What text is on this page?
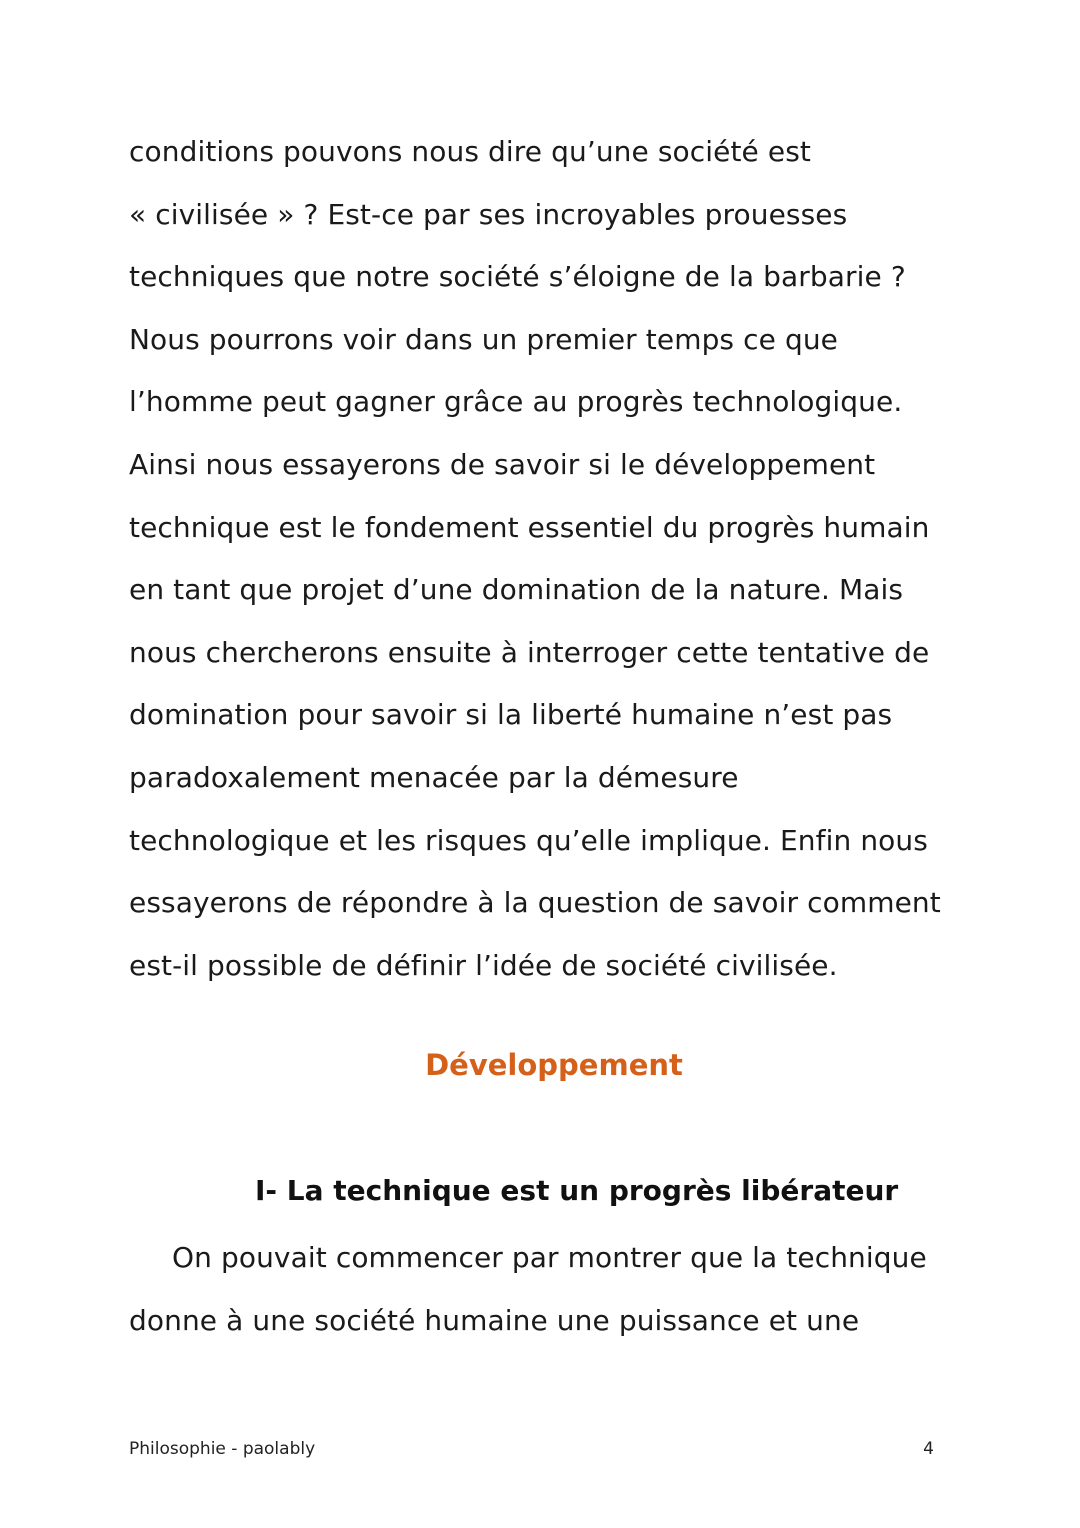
conditions pouvons nous dire qu’une société est
« civilisée » ? Est-ce par ses incroyables prouesses
techniques que notre société s’éloigne de la barbarie ?
Nous pourrons voir dans un premier temps ce que
l’homme peut gagner grâce au progrès technologique.
Ainsi nous essayerons de savoir si le développement
technique est le fondement essentiel du progrès humain
en tant que projet d’une domination de la nature. Mais
nous chercherons ensuite à interroger cette tentative de
domination pour savoir si la liberté humaine n’est pas
paradoxalement menacée par la démesure
technologique et les risques qu’elle implique. Enfin nous
essayerons de répondre à la question de savoir comment
est-il possible de définir l’idée de société civilisée.
Développement
I- La technique est un progrès libérateur
On pouvait commencer par montrer que la technique
donne à une société humaine une puissance et une
Philosophie - paolably	4
